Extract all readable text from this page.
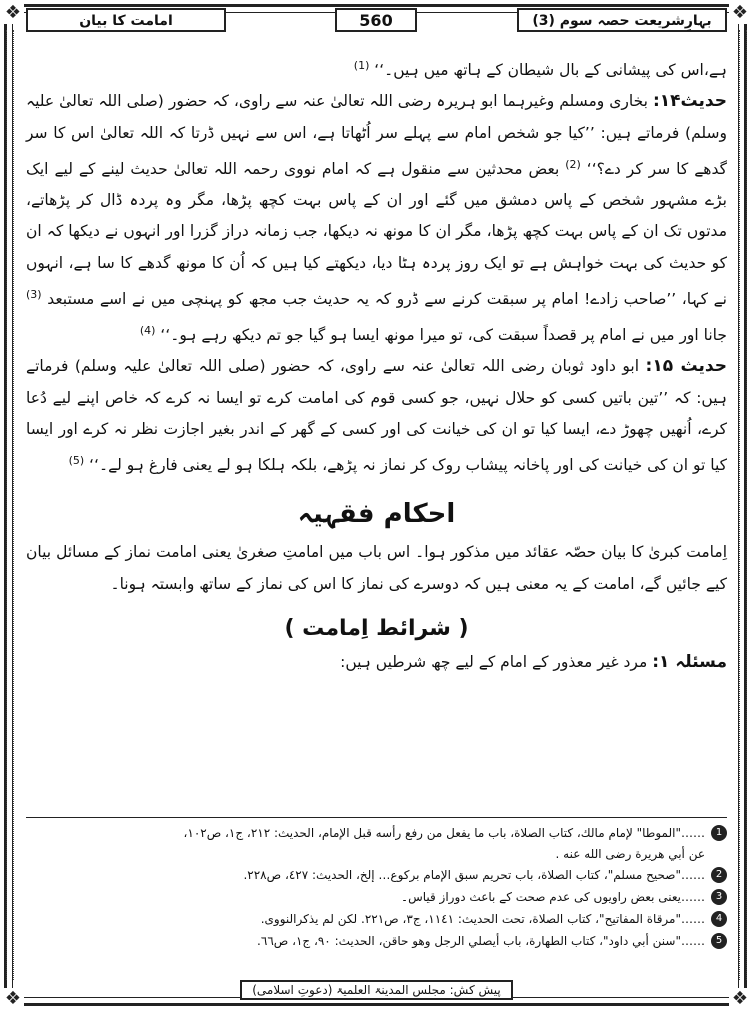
❖	❖
❖	❖
بہارِشریعت حصہ سوم (3)
560
امامت کا بیان

ہے،اس کی پیشانی کے بال شیطان کے ہاتھ میں ہیں۔‘‘ $^{(1)}$

حدیث۱۴: بخاری ومسلم وغیرہما ابو ہریرہ رضی اللہ تعالیٰ عنہ سے راوی، کہ حضور (صلی اللہ تعالیٰ علیہ وسلم) فرماتے ہیں: ’’کیا جو شخص امام سے پہلے سر اُٹھاتا ہے، اس سے نہیں ڈرتا کہ اللہ تعالیٰ اس کا سر گدھے کا سر کر دے؟‘‘ $^{(2)}$ بعض محدثین سے منقول ہے کہ امام نووی رحمہ اللہ تعالیٰ حدیث لینے کے لیے ایک بڑے مشہور شخص کے پاس دمشق میں گئے اور ان کے پاس بہت کچھ پڑھا، مگر وہ پردہ ڈال کر پڑھاتے، مدتوں تک ان کے پاس بہت کچھ پڑھا، مگر ان کا مونھ نہ دیکھا، جب زمانہ دراز گزرا اور انہوں نے دیکھا کہ ان کو حدیث کی بہت خواہش ہے تو ایک روز پردہ ہٹا دیا، دیکھتے کیا ہیں کہ اُن کا مونھ گدھے کا سا ہے، انہوں نے کہا، ’’صاحب زادے! امام پر سبقت کرنے سے ڈرو کہ یہ حدیث جب مجھ کو پہنچی میں نے اسے مستبعد $^{(3)}$ جانا اور میں نے امام پر قصداً سبقت کی، تو میرا مونھ ایسا ہو گیا جو تم دیکھ رہے ہو۔‘‘ $^{(4)}$

حدیث ۱۵: ابو داود ثوبان رضی اللہ تعالیٰ عنہ سے راوی، کہ حضور (صلی اللہ تعالیٰ علیہ وسلم) فرماتے ہیں: کہ ’’تین باتیں کسی کو حلال نہیں، جو کسی قوم کی امامت کرے تو ایسا نہ کرے کہ خاص اپنے لیے دُعا کرے، اُنھیں چھوڑ دے، ایسا کیا تو ان کی خیانت کی اور کسی کے گھر کے اندر بغیر اجازت نظر نہ کرے اور ایسا کیا تو ان کی خیانت کی اور پاخانہ پیشاب روک کر نماز نہ پڑھے، بلکہ ہلکا ہو لے یعنی فارغ ہو لے۔‘‘ $^{(5)}$

احکام فقہیہ

اِمامت کبریٰ کا بیان حصّہ عقائد میں مذکور ہوا۔ اس باب میں امامتِ صغریٰ یعنی امامت نماز کے مسائل بیان کیے جائیں گے، امامت کے یہ معنی ہیں کہ دوسرے کی نماز کا اس کی نماز کے ساتھ وابستہ ہونا۔

( شرائط اِمامت )

مسئلہ ۱: مرد غیر معذور کے امام کے لیے چھ شرطیں ہیں:

1
……"الموطا" لإمام مالك، كتاب الصلاة، باب ما يفعل من رفع رأسه قبل الإمام، الحديث: ٢١٢، ج١، ص١٠٢،

عن أبي هريرة رضى الله عنه .

2
……"صحيح مسلم"، كتاب الصلاة، باب تحريم سبق الإمام بركوع… إلخ، الحديث: ٤٢٧، ص٢٢٨.
3
……یعنی بعض راویوں کی عدم صحت کے باعث دوراز قیاس۔
4
……"مرقاة المفاتيح"، كتاب الصلاة، تحت الحديث: ١١٤١، ج٣، ص٢٢١. لكن لم يذكرالنووى.
5
……"سنن أبي داود"، كتاب الطهارة، باب أيصلي الرجل وهو حاقن، الحديث: ٩٠، ج١، ص٦٦.
پیش کش: مجلس المدینۃ العلمیۃ (دعوتِ اسلامی)
